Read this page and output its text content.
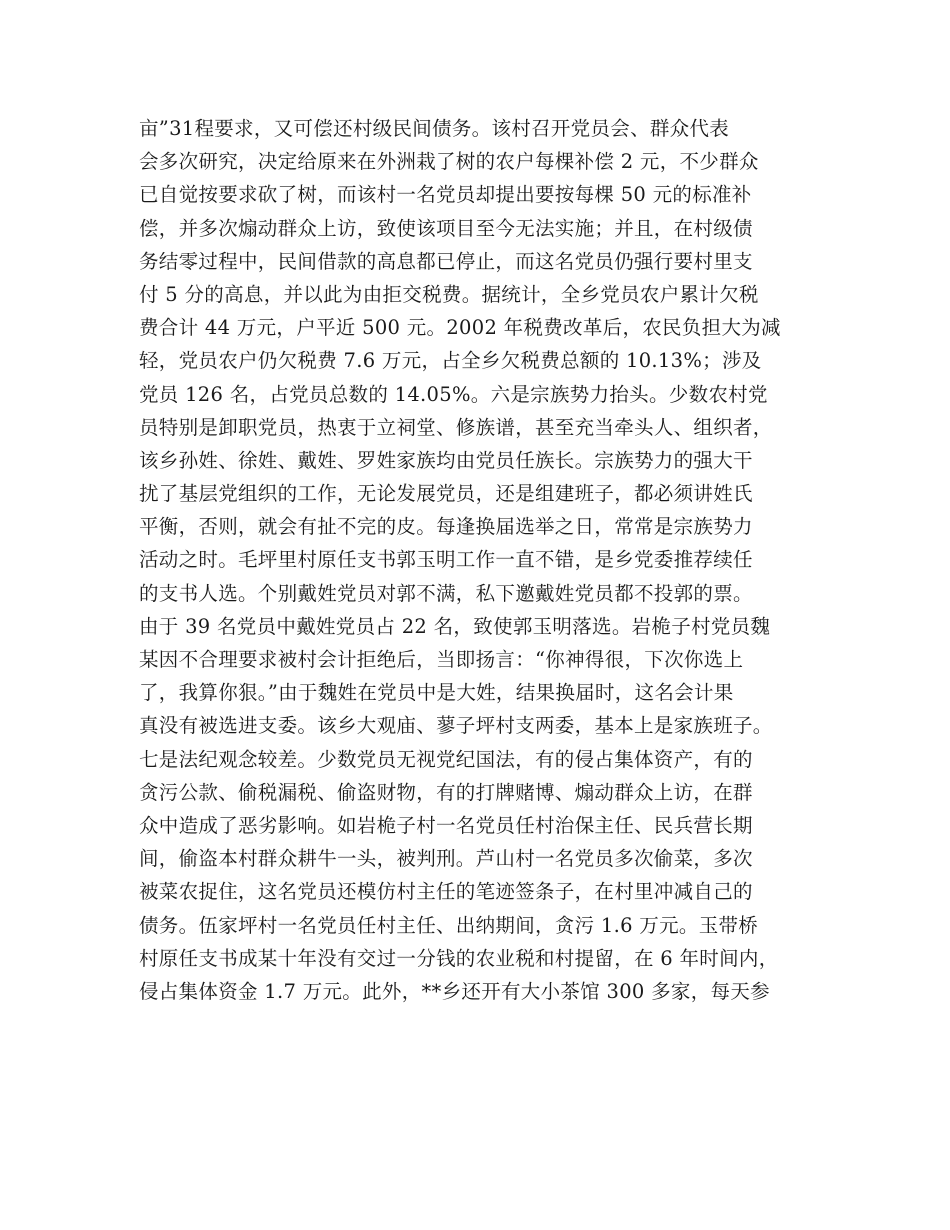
亩”31程要求，又可偿还村级民间债务。该村召开党员会、群众代表
会多次研究，决定给原来在外洲栽了树的农户每棵补偿 2 元，不少群众
已自觉按要求砍了树，而该村一名党员却提出要按每棵 50 元的标准补
偿，并多次煽动群众上访，致使该项目至今无法实施；并且，在村级债
务结零过程中，民间借款的高息都已停止，而这名党员仍强行要村里支
付 5 分的高息，并以此为由拒交税费。据统计，全乡党员农户累计欠税
费合计 44 万元，户平近 500 元。2002 年税费改革后，农民负担大为减
轻，党员农户仍欠税费 7.6 万元，占全乡欠税费总额的 10.13%；涉及
党员 126 名，占党员总数的 14.05%。六是宗族势力抬头。少数农村党
员特别是卸职党员，热衷于立祠堂、修族谱，甚至充当牵头人、组织者，
该乡孙姓、徐姓、戴姓、罗姓家族均由党员任族长。宗族势力的强大干
扰了基层党组织的工作，无论发展党员，还是组建班子，都必须讲姓氏
平衡，否则，就会有扯不完的皮。每逢换届选举之日，常常是宗族势力
活动之时。毛坪里村原任支书郭玉明工作一直不错，是乡党委推荐续任
的支书人选。个别戴姓党员对郭不满，私下邀戴姓党员都不投郭的票。
由于 39 名党员中戴姓党员占 22 名，致使郭玉明落选。岩桅子村党员魏
某因不合理要求被村会计拒绝后，当即扬言：“你神得很，下次你选上
了，我算你狠。”由于魏姓在党员中是大姓，结果换届时，这名会计果
真没有被选进支委。该乡大观庙、蓼子坪村支两委，基本上是家族班子。
七是法纪观念较差。少数党员无视党纪国法，有的侵占集体资产，有的
贪污公款、偷税漏税、偷盗财物，有的打牌赌博、煽动群众上访，在群
众中造成了恶劣影响。如岩桅子村一名党员任村治保主任、民兵营长期
间，偷盗本村群众耕牛一头，被判刑。芦山村一名党员多次偷菜，多次
被菜农捉住，这名党员还模仿村主任的笔迹签条子，在村里冲减自己的
债务。伍家坪村一名党员任村主任、出纳期间，贪污 1.6 万元。玉带桥
村原任支书成某十年没有交过一分钱的农业税和村提留，在 6 年时间内，
侵占集体资金 1.7 万元。此外，**乡还开有大小茶馆 300 多家，每天参
